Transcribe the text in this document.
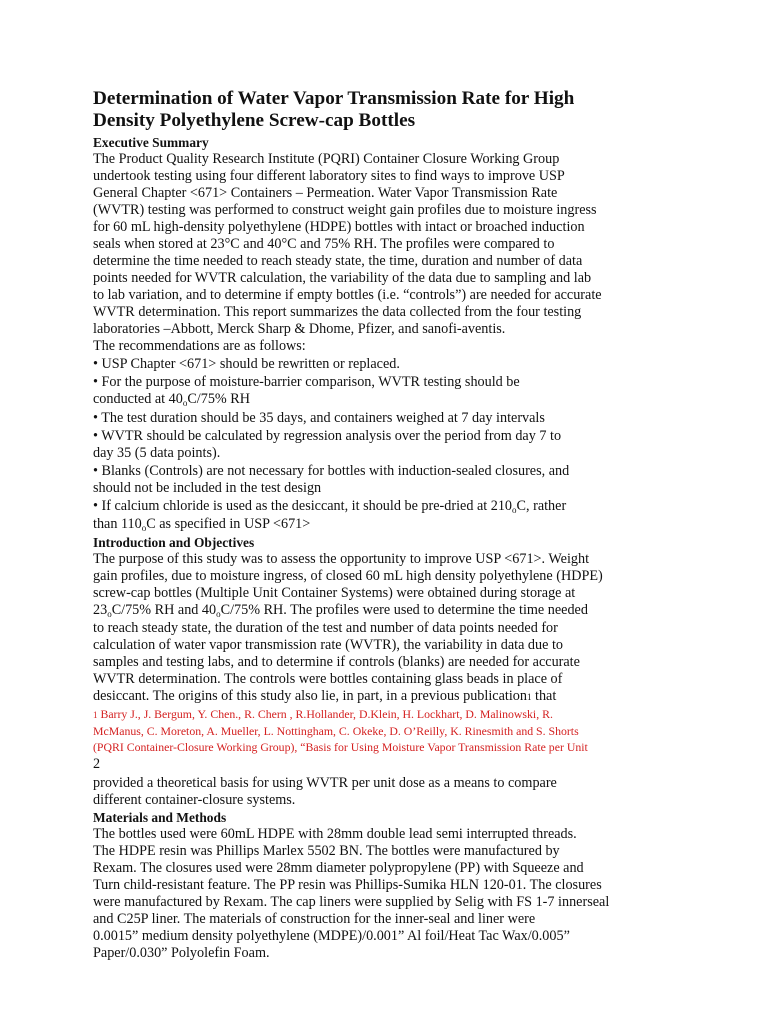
Determination of Water Vapor Transmission Rate for High
Density Polyethylene Screw-cap Bottles
Executive Summary
The Product Quality Research Institute (PQRI) Container Closure Working Group
undertook testing using four different laboratory sites to find ways to improve USP
General Chapter <671> Containers – Permeation. Water Vapor Transmission Rate
(WVTR) testing was performed to construct weight gain profiles due to moisture ingress
for 60 mL high-density polyethylene (HDPE) bottles with intact or broached induction
seals when stored at 23°C and 40°C and 75% RH. The profiles were compared to
determine the time needed to reach steady state, the time, duration and number of data
points needed for WVTR calculation, the variability of the data due to sampling and lab
to lab variation, and to determine if empty bottles (i.e. “controls”) are needed for accurate
WVTR determination. This report summarizes the data collected from the four testing
laboratories –Abbott, Merck Sharp & Dhome, Pfizer, and sanofi-aventis.
The recommendations are as follows:
• USP Chapter <671> should be rewritten or replaced.
• For the purpose of moisture-barrier comparison, WVTR testing should be
conducted at $40_oC/75\%$ RH
• The test duration should be 35 days, and containers weighed at 7 day intervals
• WVTR should be calculated by regression analysis over the period from day 7 to
day 35 (5 data points).
• Blanks (Controls) are not necessary for bottles with induction-sealed closures, and
should not be included in the test design
• If calcium chloride is used as the desiccant, it should be pre-dried at $210_oC$, rather
than $110_oC$ as specified in USP <671>
Introduction and Objectives
The purpose of this study was to assess the opportunity to improve USP <671>. Weight
gain profiles, due to moisture ingress, of closed 60 mL high density polyethylene (HDPE)
screw-cap bottles (Multiple Unit Container Systems) were obtained during storage at
$23_oC/75\%$ RH and $40_oC/75\%$ RH. The profiles were used to determine the time needed
to reach steady state, the duration of the test and number of data points needed for
calculation of water vapor transmission rate (WVTR), the variability in data due to
samples and testing labs, and to determine if controls (blanks) are needed for accurate
WVTR determination. The controls were bottles containing glass beads in place of
desiccant. The origins of this study also lie, in part, in a previous publication1 that
1 Barry J., J. Bergum, Y. Chen., R. Chern , R.Hollander, D.Klein, H. Lockhart, D. Malinowski, R.
McManus, C. Moreton, A. Mueller, L. Nottingham, C. Okeke, D. O’Reilly, K. Rinesmith and S. Shorts
(PQRI Container-Closure Working Group), “Basis for Using Moisture Vapor Transmission Rate per Unit
2
provided a theoretical basis for using WVTR per unit dose as a means to compare
different container-closure systems.
Materials and Methods
The bottles used were 60mL HDPE with 28mm double lead semi interrupted threads.
The HDPE resin was Phillips Marlex 5502 BN. The bottles were manufactured by
Rexam. The closures used were 28mm diameter polypropylene (PP) with Squeeze and
Turn child-resistant feature. The PP resin was Phillips-Sumika HLN 120-01. The closures
were manufactured by Rexam. The cap liners were supplied by Selig with FS 1-7 innerseal
and C25P liner. The materials of construction for the inner-seal and liner were
0.0015” medium density polyethylene (MDPE)/0.001” Al foil/Heat Tac Wax/0.005”
Paper/0.030” Polyolefin Foam.
